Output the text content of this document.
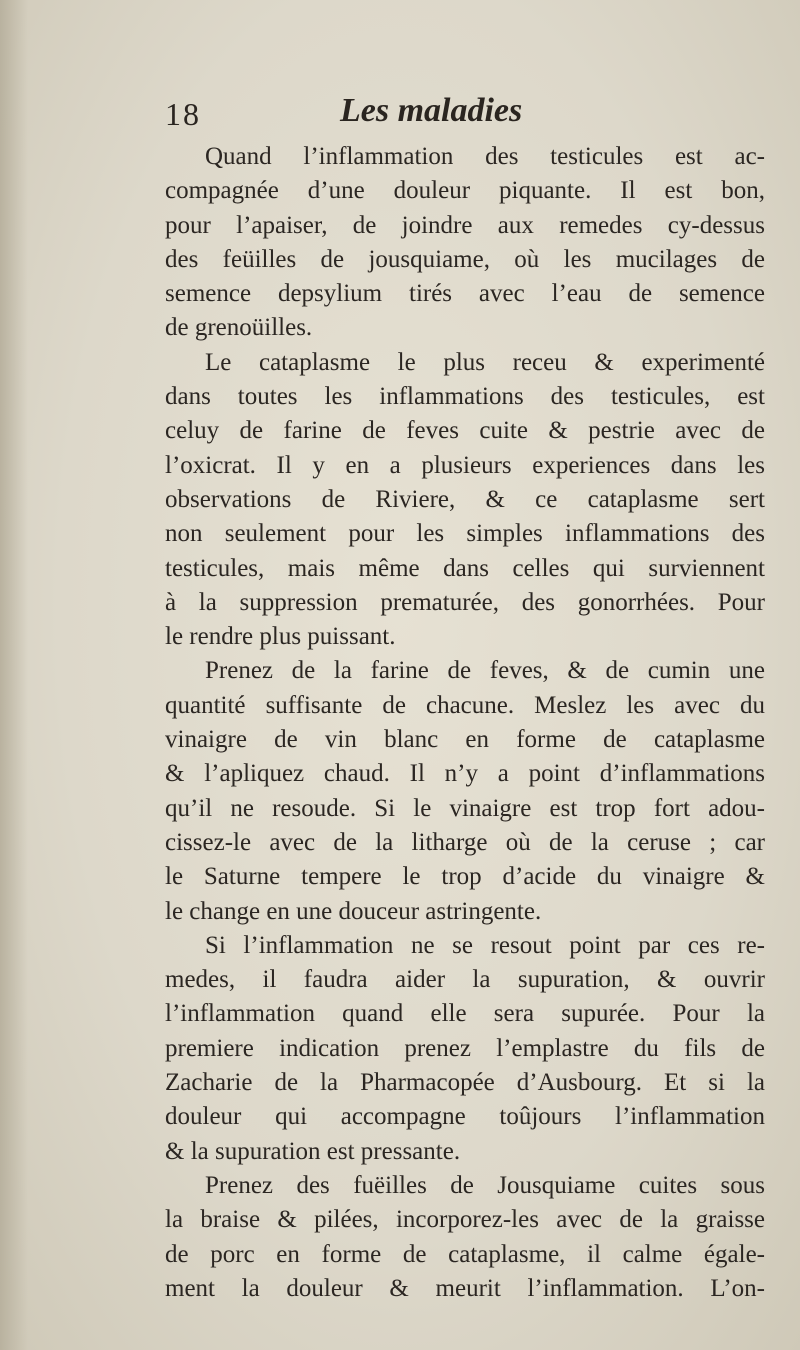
18	Les maladies
Quand l’inflammation des testicules est ac-
compagnée d’une douleur piquante. Il est bon,
pour l’apaiser, de joindre aux remedes cy-dessus
des feüilles de jousquiame, où les mucilages de
semence depsylium tirés avec l’eau de semence
de grenoüilles.
Le cataplasme le plus receu & experimenté
dans toutes les inflammations des testicules, est
celuy de farine de feves cuite & pestrie avec de
l’oxicrat. Il y en a plusieurs experiences dans les
observations de Riviere, & ce cataplasme sert
non seulement pour les simples inflammations des
testicules, mais même dans celles qui surviennent
à la suppression prematurée, des gonorrhées. Pour
le rendre plus puissant.
Prenez de la farine de feves, & de cumin une
quantité suffisante de chacune. Meslez les avec du
vinaigre de vin blanc en forme de cataplasme
& l’apliquez chaud. Il n’y a point d’inflammations
qu’il ne resoude. Si le vinaigre est trop fort adou-
cissez-le avec de la litharge où de la ceruse ; car
le Saturne tempere le trop d’acide du vinaigre &
le change en une douceur astringente.
Si l’inflammation ne se resout point par ces re-
medes, il faudra aider la supuration, & ouvrir
l’inflammation quand elle sera supurée. Pour la
premiere indication prenez l’emplastre du fils de
Zacharie de la Pharmacopée d’Ausbourg. Et si la
douleur qui accompagne toûjours l’inflammation
& la supuration est pressante.
Prenez des fuëilles de Jousquiame cuites sous
la braise & pilées, incorporez-les avec de la graisse
de porc en forme de cataplasme, il calme égale-
ment la douleur & meurit l’inflammation. L’on-
